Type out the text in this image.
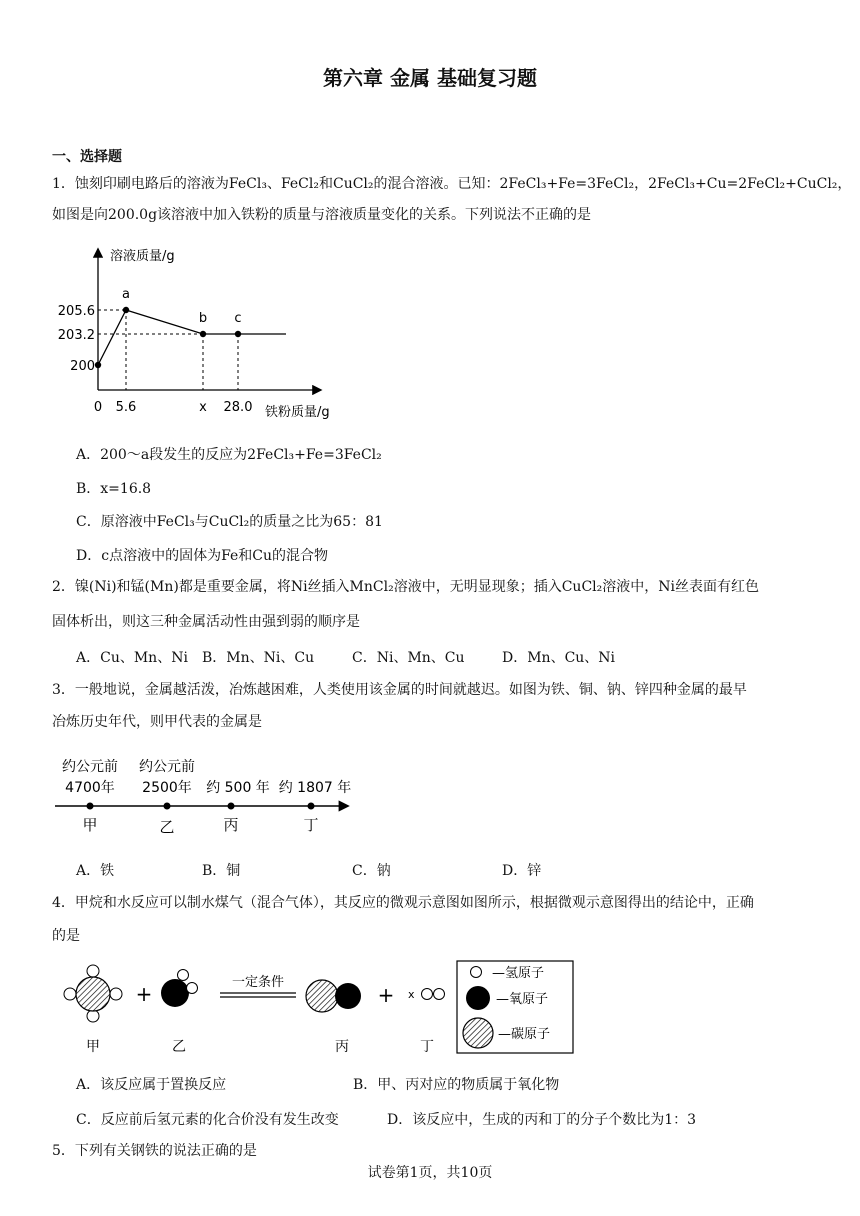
第六章 金属 基础复习题
一、选择题
1．蚀刻印刷电路后的溶液为FeCl₃、FeCl₂和CuCl₂的混合溶液。已知：2FeCl₃+Fe=3FeCl₂，2FeCl₃+Cu=2FeCl₂+CuCl₂，
如图是向200.0g该溶液中加入铁粉的质量与溶液质量变化的关系。下列说法不正确的是
溶液质量/g
铁粉质量/g
a
b c
0 5.6	x 28.0
200
203.2
205.6
A．200～a段发生的反应为2FeCl₃+Fe=3FeCl₂
B．x=16.8
C．原溶液中FeCl₃与CuCl₂的质量之比为65：81
D．c点溶液中的固体为Fe和Cu的混合物
2．镍(Ni)和锰(Mn)都是重要金属，将Ni丝插入MnCl₂溶液中，无明显现象；插入CuCl₂溶液中，Ni丝表面有红色
固体析出，则这三种金属活动性由强到弱的顺序是
A．Cu、Mn、Ni B．Mn、Ni、Cu	C．Ni、Mn、Cu	D．Mn、Cu、Ni
3．一般地说，金属越活泼，冶炼越困难，人类使用该金属的时间就越迟。如图为铁、铜、钠、锌四种金属的最早
冶炼历史年代，则甲代表的金属是
约公元前
4700年
甲
约公元前
2500年
乙
约 500 年
丙
约 1807 年
丁
A．铁	B．铜	C．钠	D．锌
4．甲烷和水反应可以制水煤气（混合气体），其反应的微观示意图如图所示，根据微观示意图得出的结论中，正确
的是
甲
+
乙
一定条件
丙
+ x
丁
—氢原子
—氧原子
—碳原子
A．该反应属于置换反应	B．甲、丙对应的物质属于氧化物
C．反应前后氢元素的化合价没有发生改变	D．该反应中，生成的丙和丁的分子个数比为1：3
5．下列有关钢铁的说法正确的是
试卷第1页，共10页
